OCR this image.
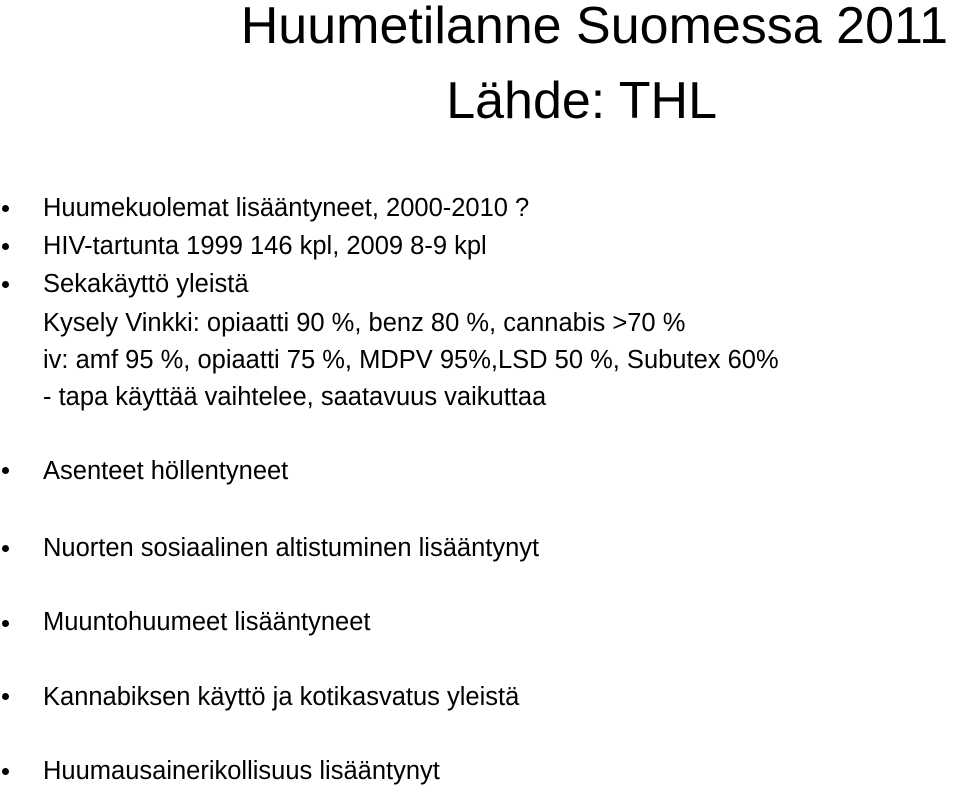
Huumetilanne Suomessa 2011
Lähde: THL
Huumekuolemat lisääntyneet, 2000-2010 ?
HIV-tartunta 1999 146 kpl, 2009 8-9 kpl
Sekakäyttö yleistä
Kysely Vinkki: opiaatti 90 %, benz 80 %, cannabis >70 %
iv: amf 95 %, opiaatti 75 %, MDPV 95%,LSD 50 %, Subutex 60%
- tapa käyttää vaihtelee, saatavuus vaikuttaa
Asenteet höllentyneet
Nuorten sosiaalinen altistuminen lisääntynyt
Muuntohuumeet lisääntyneet
Kannabiksen käyttö ja kotikasvatus yleistä
Huumausainerikollisuus lisääntynyt
